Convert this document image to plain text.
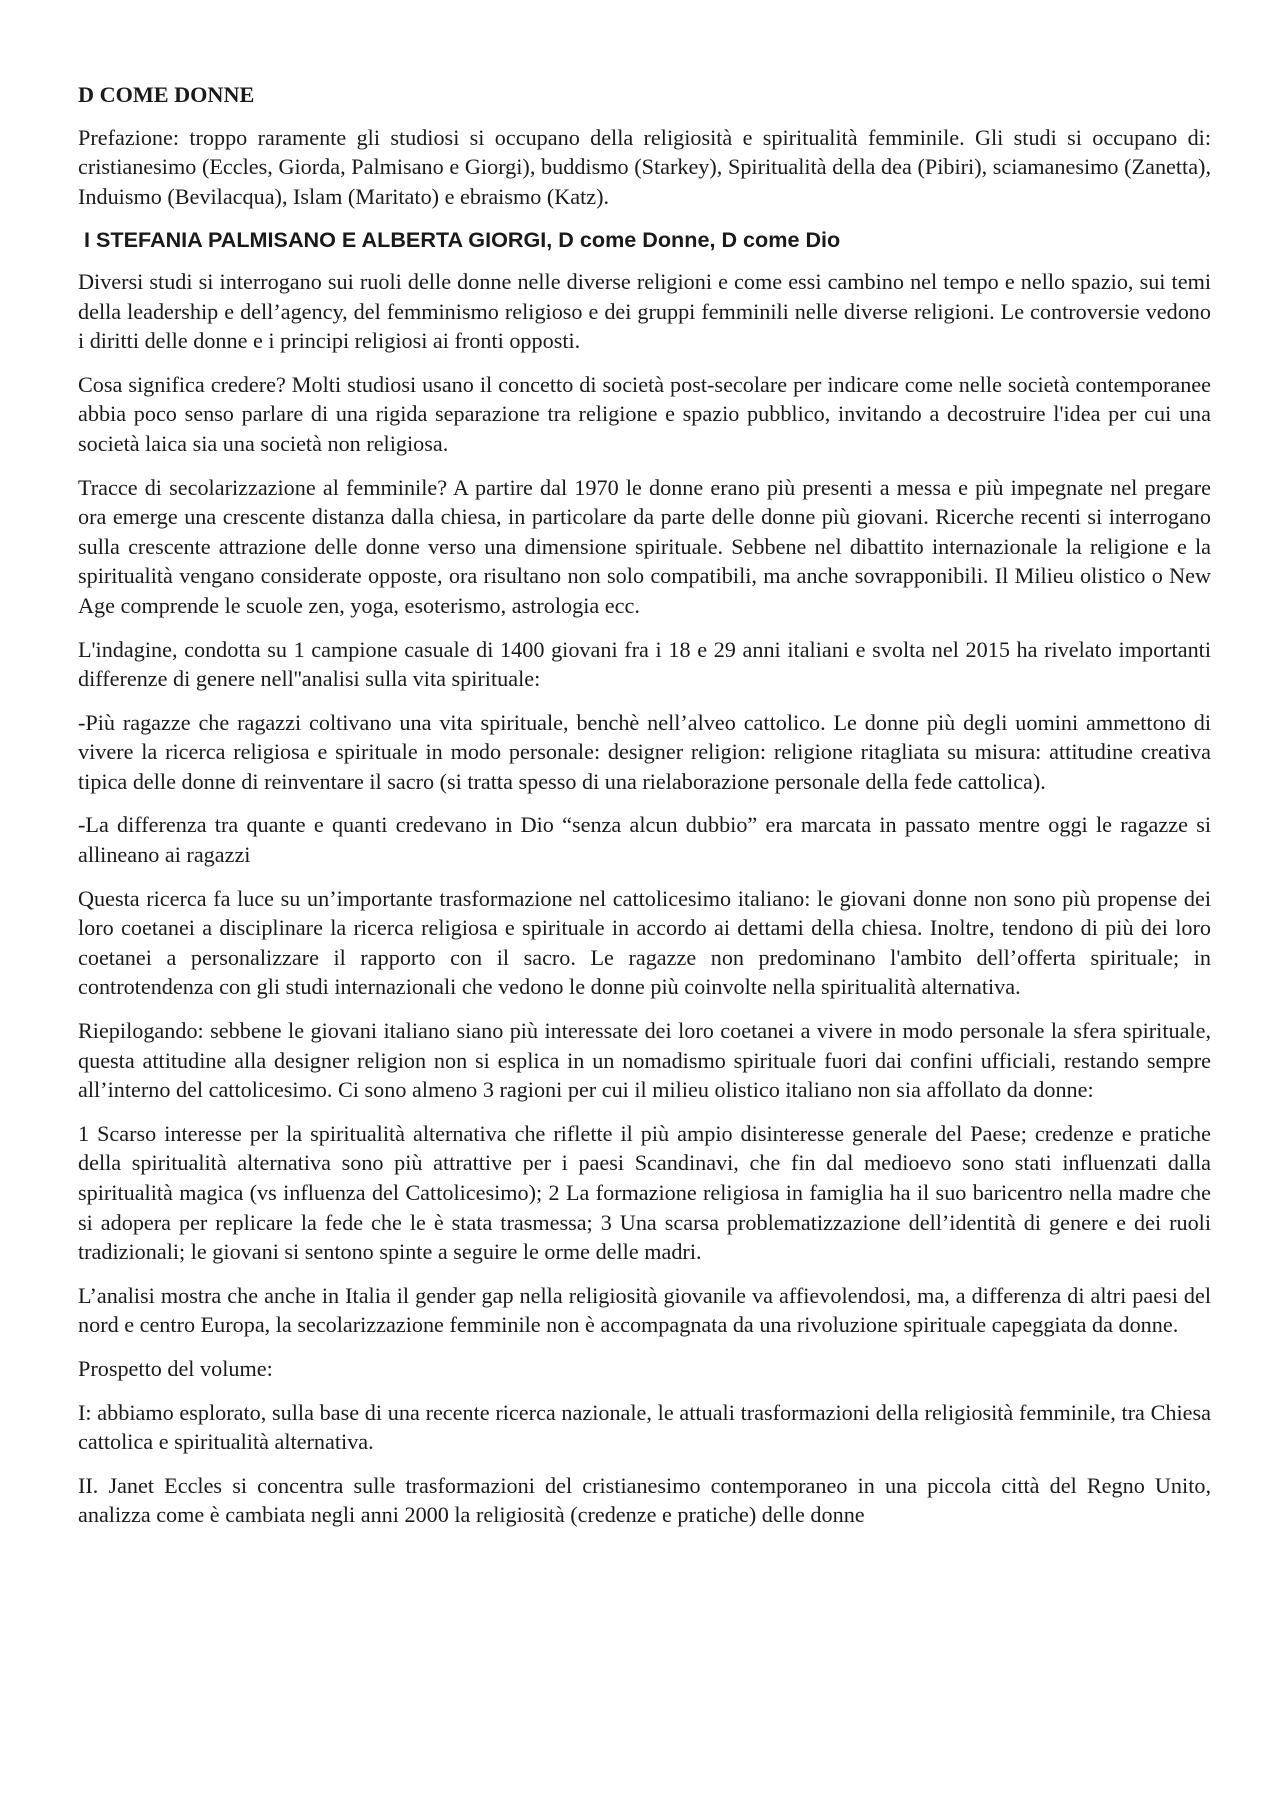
D COME DONNE

Prefazione: troppo raramente gli studiosi si occupano della religiosità e spiritualità femminile. Gli studi si occupano di: cristianesimo (Eccles, Giorda, Palmisano e Giorgi), buddismo (Starkey), Spiritualità della dea (Pibiri), sciamanesimo (Zanetta), Induismo (Bevilacqua), Islam (Maritato) e ebraismo (Katz).

I STEFANIA PALMISANO E ALBERTA GIORGI, D come Donne, D come Dio

Diversi studi si interrogano sui ruoli delle donne nelle diverse religioni e come essi cambino nel tempo e nello spazio, sui temi della leadership e dell’agency, del femminismo religioso e dei gruppi femminili nelle diverse religioni. Le controversie vedono i diritti delle donne e i principi religiosi ai fronti opposti.

Cosa significa credere? Molti studiosi usano il concetto di società post-secolare per indicare come nelle società contemporanee abbia poco senso parlare di una rigida separazione tra religione e spazio pubblico, invitando a decostruire l'idea per cui una società laica sia una società non religiosa.

Tracce di secolarizzazione al femminile? A partire dal 1970 le donne erano più presenti a messa e più impegnate nel pregare ora emerge una crescente distanza dalla chiesa, in particolare da parte delle donne più giovani. Ricerche recenti si interrogano sulla crescente attrazione delle donne verso una dimensione spirituale. Sebbene nel dibattito internazionale la religione e la spiritualità vengano considerate opposte, ora risultano non solo compatibili, ma anche sovrapponibili. Il Milieu olistico o New Age comprende le scuole zen, yoga, esoterismo, astrologia ecc.

L'indagine, condotta su 1 campione casuale di 1400 giovani fra i 18 e 29 anni italiani e svolta nel 2015 ha rivelato importanti differenze di genere nell''analisi sulla vita spirituale:

-Più ragazze che ragazzi coltivano una vita spirituale, benchè nell’alveo cattolico. Le donne più degli uomini ammettono di vivere la ricerca religiosa e spirituale in modo personale: designer religion: religione ritagliata su misura: attitudine creativa tipica delle donne di reinventare il sacro (si tratta spesso di una rielaborazione personale della fede cattolica).

-La differenza tra quante e quanti credevano in Dio “senza alcun dubbio” era marcata in passato mentre oggi le ragazze si allineano ai ragazzi

Questa ricerca fa luce su un’importante trasformazione nel cattolicesimo italiano: le giovani donne non sono più propense dei loro coetanei a disciplinare la ricerca religiosa e spirituale in accordo ai dettami della chiesa. Inoltre, tendono di più dei loro coetanei a personalizzare il rapporto con il sacro. Le ragazze non predominano l'ambito dell’offerta spirituale; in controtendenza con gli studi internazionali che vedono le donne più coinvolte nella spiritualità alternativa.

Riepilogando: sebbene le giovani italiano siano più interessate dei loro coetanei a vivere in modo personale la sfera spirituale, questa attitudine alla designer religion non si esplica in un nomadismo spirituale fuori dai confini ufficiali, restando sempre all’interno del cattolicesimo. Ci sono almeno 3 ragioni per cui il milieu olistico italiano non sia affollato da donne:

1 Scarso interesse per la spiritualità alternativa che riflette il più ampio disinteresse generale del Paese; credenze e pratiche della spiritualità alternativa sono più attrattive per i paesi Scandinavi, che fin dal medioevo sono stati influenzati dalla spiritualità magica (vs influenza del Cattolicesimo); 2 La formazione religiosa in famiglia ha il suo baricentro nella madre che si adopera per replicare la fede che le è stata trasmessa; 3 Una scarsa problematizzazione dell’identità di genere e dei ruoli tradizionali; le giovani si sentono spinte a seguire le orme delle madri.

L’analisi mostra che anche in Italia il gender gap nella religiosità giovanile va affievolendosi, ma, a differenza di altri paesi del nord e centro Europa, la secolarizzazione femminile non è accompagnata da una rivoluzione spirituale capeggiata da donne.

Prospetto del volume:

I: abbiamo esplorato, sulla base di una recente ricerca nazionale, le attuali trasformazioni della religiosità femminile, tra Chiesa cattolica e spiritualità alternativa.

II. Janet Eccles si concentra sulle trasformazioni del cristianesimo contemporaneo in una piccola città del Regno Unito, analizza come è cambiata negli anni 2000 la religiosità (credenze e pratiche) delle donne
